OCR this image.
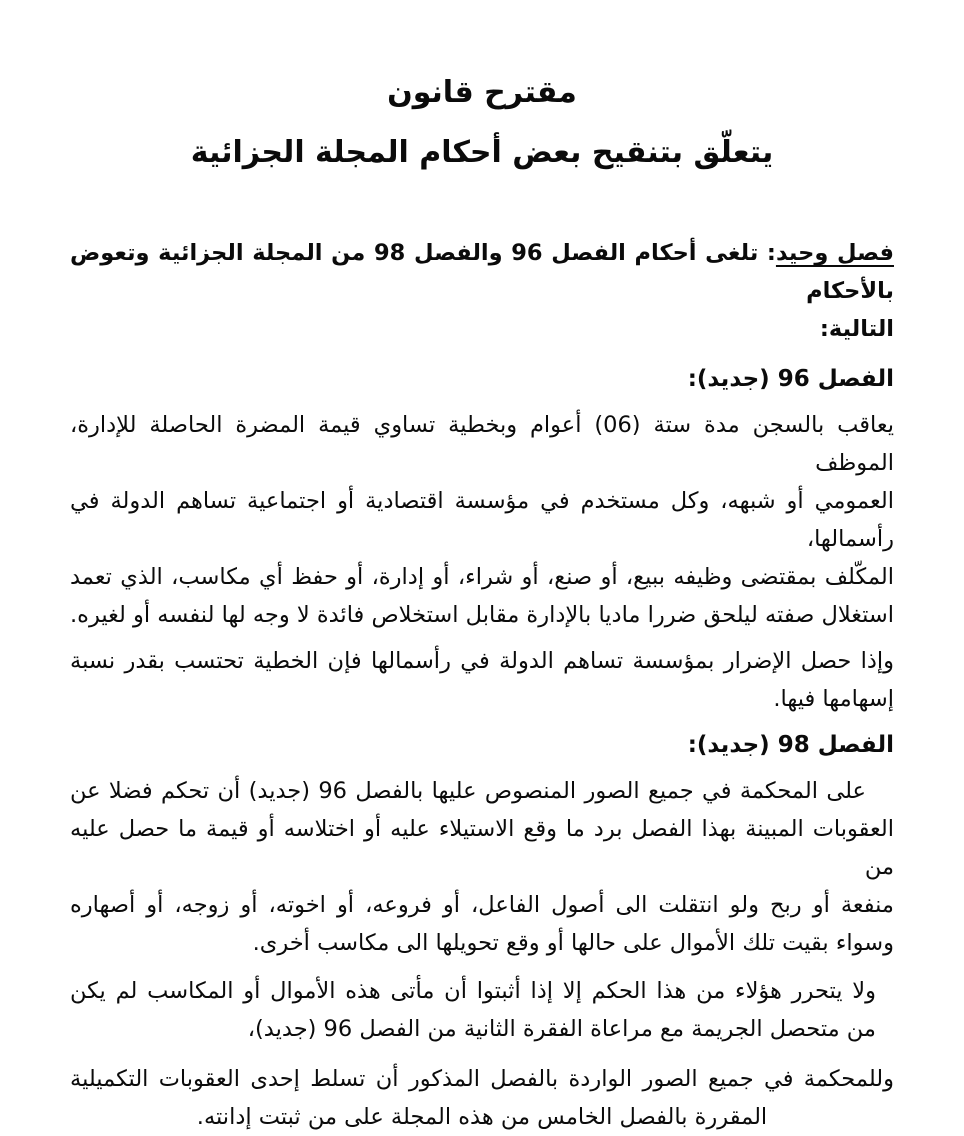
مقترح قانون
يتعلّق بتنقيح بعض أحكام المجلة الجزائية
فصل وحيد: تلغى أحكام الفصل 96 والفصل 98 من المجلة الجزائية وتعوض بالأحكام
التالية:
الفصل 96 (جديد):
يعاقب بالسجن مدة ستة (06) أعوام وبخطية تساوي قيمة المضرة الحاصلة للإدارة، الموظف
العمومي أو شبهه، وكل مستخدم في مؤسسة اقتصادية أو اجتماعية تساهم الدولة في رأسمالها،
المكّلف بمقتضى وظيفه ببيع، أو صنع، أو شراء، أو إدارة، أو حفظ أي مكاسب، الذي تعمد
استغلال صفته ليلحق ضررا ماديا بالإدارة مقابل استخلاص فائدة لا وجه لها لنفسه أو لغيره.
وإذا حصل الإضرار بمؤسسة تساهم الدولة في رأسمالها فإن الخطية تحتسب بقدر نسبة
إسهامها فيها.
الفصل 98 (جديد):
على المحكمة في جميع الصور المنصوص عليها بالفصل 96 (جديد) أن تحكم فضلا عن
العقوبات المبينة بهذا الفصل برد ما وقع الاستيلاء عليه أو اختلاسه أو قيمة ما حصل عليه من
منفعة أو ربح ولو انتقلت الى أصول الفاعل، أو فروعه، أو اخوته، أو زوجه، أو أصهاره
وسواء بقيت تلك الأموال على حالها أو وقع تحويلها الى مكاسب أخرى.
ولا يتحرر هؤلاء من هذا الحكم إلا إذا أثبتوا أن مأتى هذه الأموال أو المكاسب لم يكن
من متحصل الجريمة مع مراعاة الفقرة الثانية من الفصل 96 (جديد)،
وللمحكمة في جميع الصور الواردة بالفصل المذكور أن تسلط إحدى العقوبات التكميلية
المقررة بالفصل الخامس من هذه المجلة على من ثبتت إدانته.
